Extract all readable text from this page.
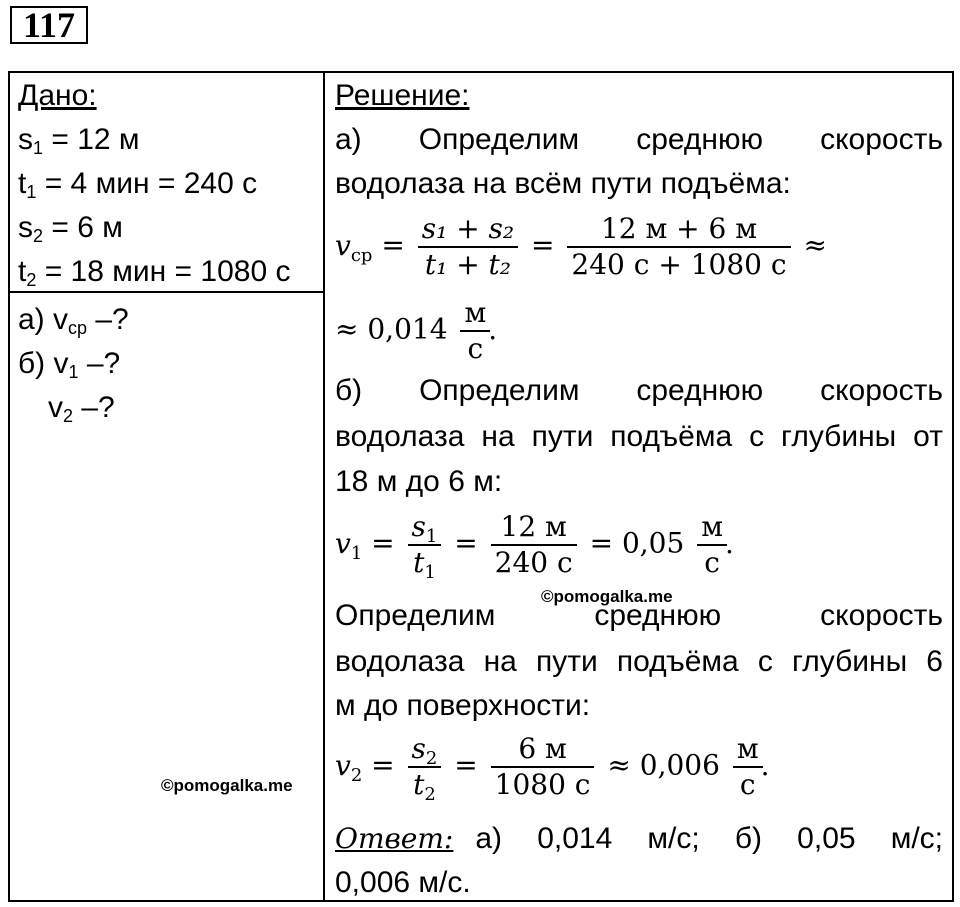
117
Дано:
$s_1 = 12$ м
$t_1 = 4$ мин = 240 с
$s_2 = 6$ м
$t_2 = 18$ мин = 1080 с
а) $v_{ср}$ –?
б) $v_1$ –?
$v_2$ –?
Решение:
а) Определим среднюю скорость
водолаза на всём пути подъёма:
$v_{ср} = \frac{\text{s₁ + s₂}}{\text{t₁ + t₂}} = \frac{12 м + 6 м}{240 с + 1080 с}$ ≈
≈ $0,014 \frac{м}{с}$
.
б) Определим среднюю скорость
водолаза на пути подъёма с глубины от
18 м до 6 м:
$v_1 = \frac{s_1}{t_1} = \frac{12 м}{240 с} = 0,05 \frac{м}{с}$
.
Определим	среднюю	скорость
водолаза на пути подъёма с глубины 6
м до поверхности:
$v_2 = \frac{s_2}{t_2} = \frac{6 м}{1080 с} \approx 0,006 \frac{м}{с}$
.
Ответ: а) 0,014 м/с; б) 0,05 м/с;
0,006 м/с.
©pomogalka.me
©pomogalka.me
